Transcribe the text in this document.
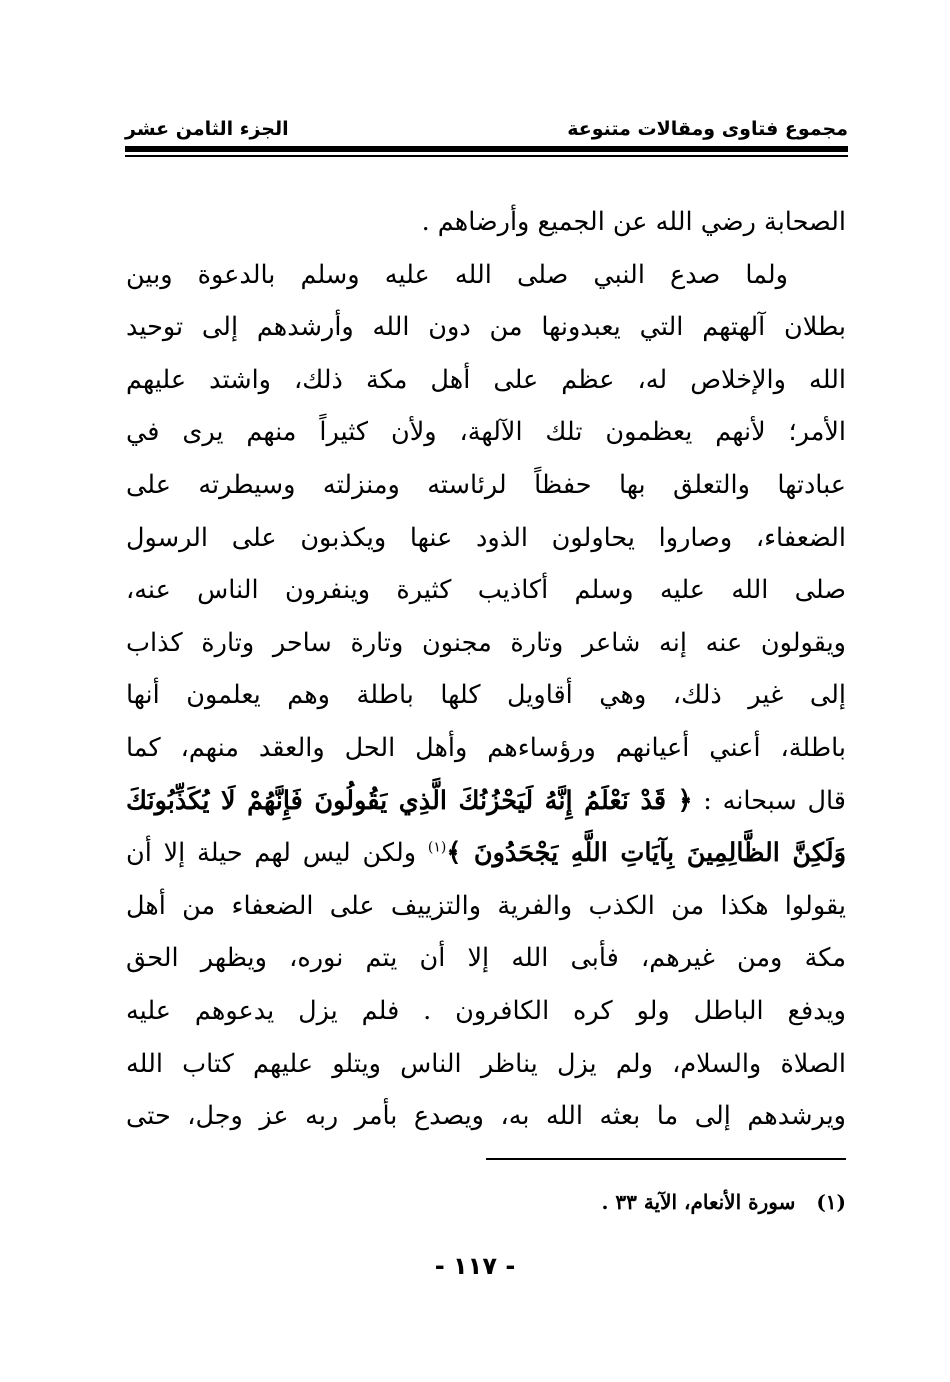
مجموع فتاوى ومقالات متنوعة
الجزء الثامن عشر
الصحابة رضي الله عن الجميع وأرضاهم .
ولما صدع النبي صلى الله عليه وسلم بالدعوة وبين
بطلان آلهتهم التي يعبدونها من دون الله وأرشدهم إلى توحيد
الله والإخلاص له، عظم على أهل مكة ذلك، واشتد عليهم
الأمر؛ لأنهم يعظمون تلك الآلهة، ولأن كثيراً منهم يرى في
عبادتها والتعلق بها حفظاً لرئاسته ومنزلته وسيطرته على
الضعفاء، وصاروا يحاولون الذود عنها ويكذبون على الرسول
صلى الله عليه وسلم أكاذيب كثيرة وينفرون الناس عنه،
ويقولون عنه إنه شاعر وتارة مجنون وتارة ساحر وتارة كذاب
إلى غير ذلك، وهي أقاويل كلها باطلة وهم يعلمون أنها
باطلة، أعني أعيانهم ورؤساءهم وأهل الحل والعقد منهم، كما
قال سبحانه : ﴿ قَدْ نَعْلَمُ إِنَّهُ لَيَحْزُنُكَ الَّذِي يَقُولُونَ فَإِنَّهُمْ لَا يُكَذِّبُونَكَ
وَلَكِنَّ الظَّالِمِينَ بِآيَاتِ اللَّهِ يَجْحَدُونَ ﴾$^{(١)}$ ولكن ليس لهم حيلة إلا أن
يقولوا هكذا من الكذب والفرية والتزييف على الضعفاء من أهل
مكة ومن غيرهم، فأبى الله إلا أن يتم نوره، ويظهر الحق
ويدفع الباطل ولو كره الكافرون . فلم يزل يدعوهم عليه
الصلاة والسلام، ولم يزل يناظر الناس ويتلو عليهم كتاب الله
ويرشدهم إلى ما بعثه الله به، ويصدع بأمر ربه عز وجل، حتى
(١) سورة الأنعام، الآية ٣٣ .
- ١١٧ -
